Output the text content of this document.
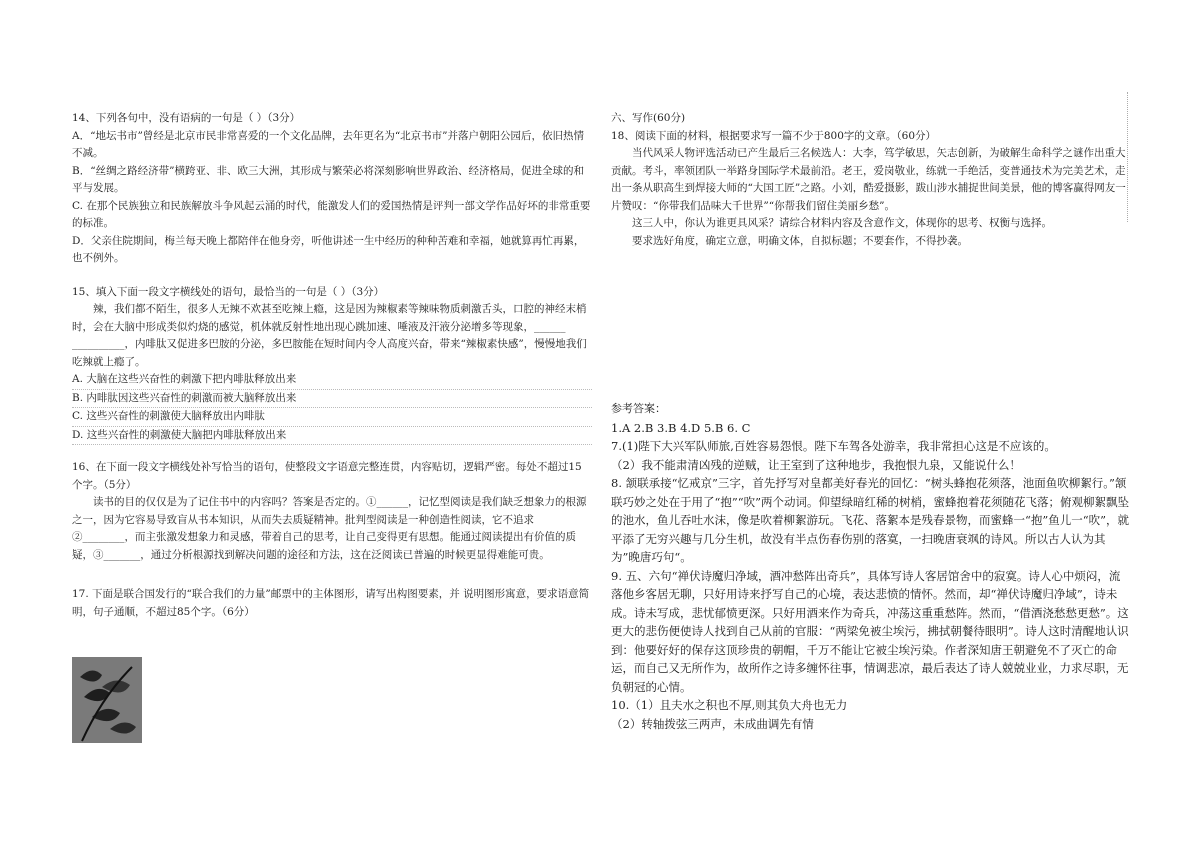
14、下列各句中，没有语病的一句是（ ）（3分）

A．“地坛书市”曾经是北京市民非常喜爱的一个文化品牌，去年更名为“北京书市”并落户朝阳公园后，依旧热情不减。

B．“丝绸之路经济带”横跨亚、非、欧三大洲，其形成与繁荣必将深刻影响世界政治、经济格局，促进全球的和平与发展。

C. 在那个民族独立和民族解放斗争风起云涌的时代，能激发人们的爱国热情是评判一部文学作品好坏的非常重要的标准。

D．父亲住院期间，梅兰每天晚上都陪伴在他身旁，听他讲述一生中经历的种种苦难和幸福，她就算再忙再累，也不例外。

15、填入下面一段文字横线处的语句，最恰当的一句是（ ）（3分）

辣，我们都不陌生，很多人无辣不欢甚至吃辣上瘾，这是因为辣椒素等辣味物质刺激舌头，口腔的神经末梢时，会在大脑中形成类似灼烧的感觉，机体就反射性地出现心跳加速、唾液及汗液分泌增多等现象，______ __________，内啡肽又促进多巴胺的分泌，多巴胺能在短时间内令人高度兴奋，带来“辣椒素快感”，慢慢地我们吃辣就上瘾了。

A. 大脑在这些兴奋性的刺激下把内啡肽释放出来

B. 内啡肽因这些兴奋性的刺激而被大脑释放出来

C. 这些兴奋性的刺激使大脑释放出内啡肽

D. 这些兴奋性的刺激使大脑把内啡肽释放出来

16、在下面一段文字横线处补写恰当的语句，使整段文字语意完整连贯，内容贴切，逻辑严密。每处不超过15个字。（5分）

读书的目的仅仅是为了记住书中的内容吗？答案是否定的。①______，记忆型阅读是我们缺乏想象力的根源之一，因为它容易导致盲从书本知识，从而失去质疑精神。批判型阅读是一种创造性阅读，它不追求②________，而主张激发想象力和灵感，带着自己的思考，让自己变得更有思想。能通过阅读提出有价值的质疑，③_______，通过分析根源找到解决问题的途径和方法，这在泛阅读已普遍的时候更显得难能可贵。

17. 下面是联合国发行的“联合我们的力量”邮票中的主体图形，请写出构图要素，并 说明图形寓意，要求语意简明，句子通顺，不超过85个字。（6分）

六、写作(60分)

18、阅读下面的材料，根据要求写一篇不少于800字的文章。（60分）

当代风采人物评选活动已产生最后三名候选人：大李，笃学敏思，矢志创新，为破解生命科学之谜作出重大贡献。考斗，率领团队一举路身国际学术最前沿。老王，爱岗敬业，练就一手绝活，变普通技术为完美艺术，走出一条从职高生到焊接大师的“大国工匠”之路。小刘，酷爱摄影，跋山涉水捕捉世间美景，他的博客赢得网友一片赞叹：“你带我们品味大千世界”“你帮我们留住美丽乡愁”。

这三人中，你认为谁更具风采？请综合材料内容及含意作文，体现你的思考、权衡与选择。

要求选好角度，确定立意，明确文体，自拟标题；不要套作，不得抄袭。

参考答案：

1.A 2.B 3.B 4.D 5.B 6. C

7.(1)陛下大兴军队师旅,百姓容易怨恨。陛下车驾各处游幸，我非常担心这是不应该的。

（2）我不能肃清凶残的逆贼，让王室到了这种地步，我抱恨九泉，又能说什么！

8. 颔联承接“忆戒京”三字，首先抒写对皇都美好春光的回忆：“树头蜂抱花须落，池面鱼吹柳絮行。”颔联巧妙之处在于用了“抱”“吹”两个动词。仰望绿暗红稀的树梢，蜜蜂抱着花须随花飞落；俯观柳絮飘坠的池水，鱼儿吞吐水沫，像是吹着柳絮游玩。飞花、落絮本是残春景物，而蜜蜂一“抱”鱼儿一“吹”，就平添了无穷兴趣与几分生机，故没有半点伤春伤别的落寞，一扫晚唐衰飒的诗风。所以古人认为其为”晚唐巧句“。

9. 五、六句“禅伏诗魔归净域，酒冲愁阵出奇兵”，具体写诗人客居馆舍中的寂寞。诗人心中烦闷，流落他乡客居无聊，只好用诗来抒写自己的心境，表达悲愤的情怀。然而，却“禅伏诗魔归净域”，诗未成。诗未写成，悲忧郁愤更深。只好用酒来作为奇兵，冲荡这重重愁阵。然而，“借酒浇愁愁更愁”。这更大的悲伤便使诗人找到自己从前的官服：“两梁免被尘埃污，拂拭朝餐待眼明”。诗人这时清醒地认识到：他要好好的保存这顶珍贵的朝帽，千万不能让它被尘埃污染。作者深知唐王朝避免不了灭亡的命运，而自己又无所作为，故所作之诗多缠怀往事，情调悲凉，最后表达了诗人兢兢业业，力求尽职，无负朝冠的心情。

10.（1）且夫水之积也不厚,则其负大舟也无力

（2）转轴拨弦三两声，未成曲调先有情
